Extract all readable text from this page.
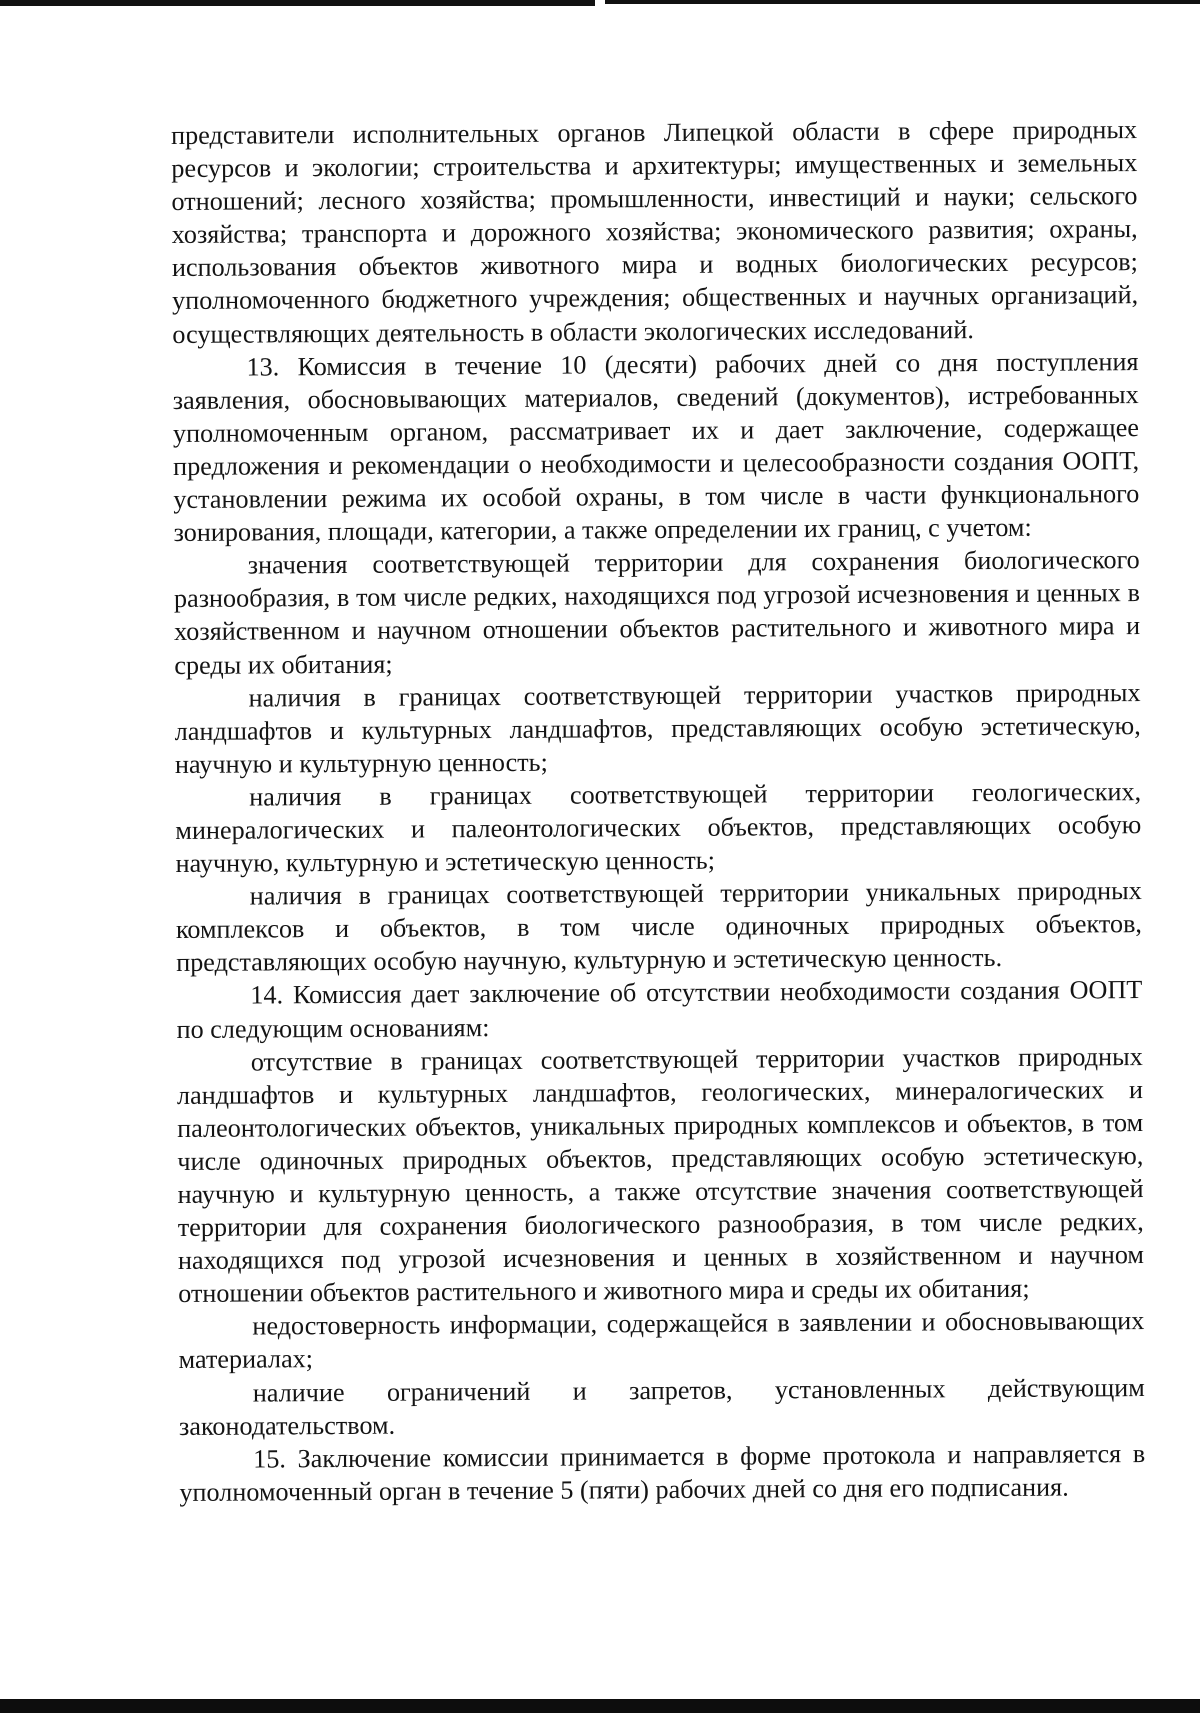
представители исполнительных органов Липецкой области в сфере природных ресурсов и экологии; строительства и архитектуры; имущественных и земельных отношений; лесного хозяйства; промышленности, инвестиций и науки; сельского хозяйства; транспорта и дорожного хозяйства; экономического развития; охраны, использования объектов животного мира и водных биологических ресурсов; уполномоченного бюджетного учреждения; общественных и научных организаций, осуществляющих деятельность в области экологических исследований.

13. Комиссия в течение 10 (десяти) рабочих дней со дня поступления заявления, обосновывающих материалов, сведений (документов), истребованных уполномоченным органом, рассматривает их и дает заключение, содержащее предложения и рекомендации о необходимости и целесообразности создания ООПТ, установлении режима их особой охраны, в том числе в части функционального зонирования, площади, категории, а также определении их границ, с учетом:

значения соответствующей территории для сохранения биологического разнообразия, в том числе редких, находящихся под угрозой исчезновения и ценных в хозяйственном и научном отношении объектов растительного и животного мира и среды их обитания;

наличия в границах соответствующей территории участков природных ландшафтов и культурных ландшафтов, представляющих особую эстетическую, научную и культурную ценность;

наличия в границах соответствующей территории геологических, минералогических и палеонтологических объектов, представляющих особую научную, культурную и эстетическую ценность;

наличия в границах соответствующей территории уникальных природных комплексов и объектов, в том числе одиночных природных объектов, представляющих особую научную, культурную и эстетическую ценность.

14. Комиссия дает заключение об отсутствии необходимости создания ООПТ по следующим основаниям:

отсутствие в границах соответствующей территории участков природных ландшафтов и культурных ландшафтов, геологических, минералогических и палеонтологических объектов, уникальных природных комплексов и объектов, в том числе одиночных природных объектов, представляющих особую эстетическую, научную и культурную ценность, а также отсутствие значения соответствующей территории для сохранения биологического разнообразия, в том числе редких, находящихся под угрозой исчезновения и ценных в хозяйственном и научном отношении объектов растительного и животного мира и среды их обитания;

недостоверность информации, содержащейся в заявлении и обосновывающих материалах;

наличие ограничений и запретов, установленных действующим законодательством.

15. Заключение комиссии принимается в форме протокола и направляется в уполномоченный орган в течение 5 (пяти) рабочих дней со дня его подписания.
